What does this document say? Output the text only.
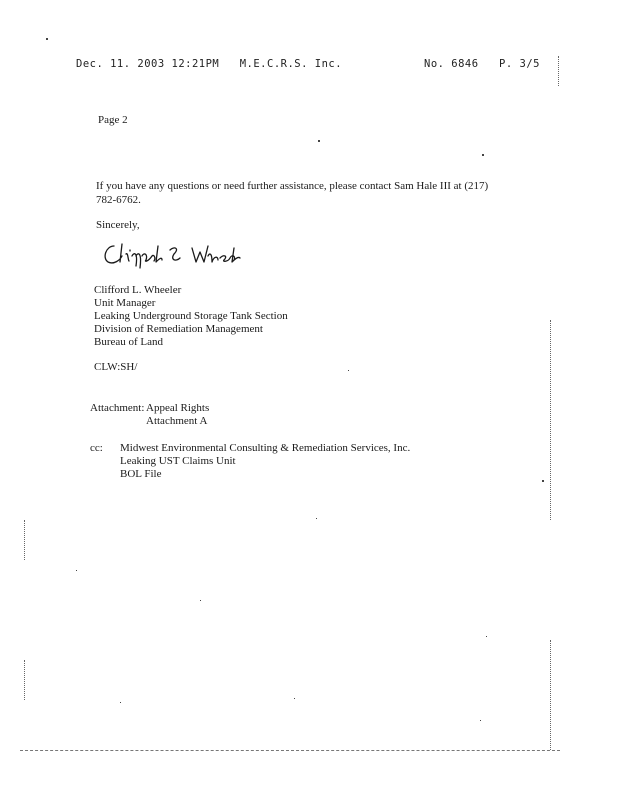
Dec. 11. 2003 12:21PM   M.E.C.R.S. Inc.	No. 6846   P. 3/5
Page 2
If you have any questions or need further assistance, please contact Sam Hale III at (217) 782-6762.
Sincerely,
Clifford L. Wheeler
Unit Manager
Leaking Underground Storage Tank Section
Division of Remediation Management
Bureau of Land
CLW:SH/
Attachment: Appeal Rights
Attachment A
cc: Midwest Environmental Consulting & Remediation Services, Inc.
Leaking UST Claims Unit
BOL File
